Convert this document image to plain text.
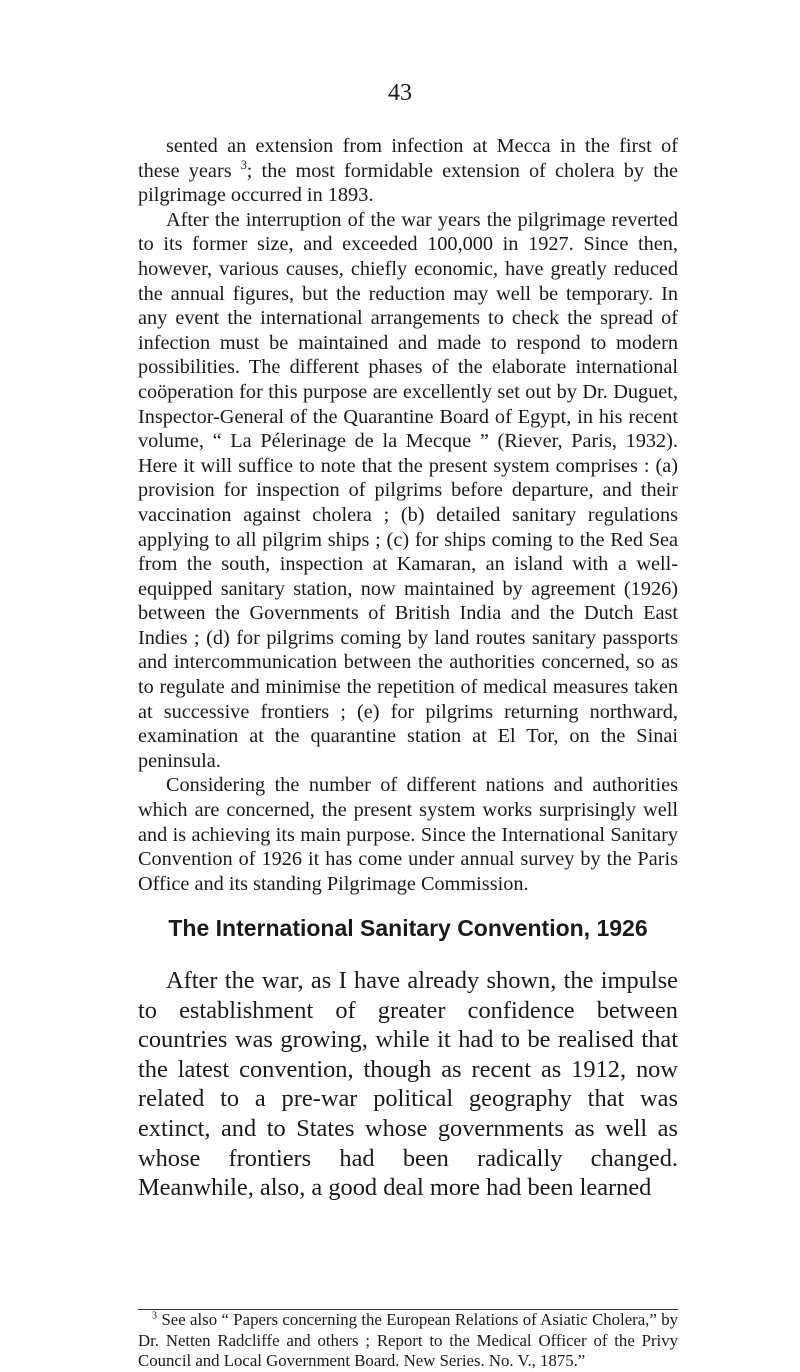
43

sented an extension from infection at Mecca in the first of these years $^3$; the most formidable extension of cholera by the pilgrimage occurred in 1893.

After the interruption of the war years the pilgrimage reverted to its former size, and exceeded 100,000 in 1927. Since then, however, various causes, chiefly economic, have greatly reduced the annual figures, but the reduction may well be temporary. In any event the international arrangements to check the spread of infection must be maintained and made to respond to modern possibilities. The different phases of the elaborate international coöperation for this purpose are excellently set out by Dr. Duguet, Inspector-General of the Quarantine Board of Egypt, in his recent volume, “ La Pélerinage de la Mecque ” (Riever, Paris, 1932). Here it will suffice to note that the present system comprises : (a) provision for inspection of pilgrims before departure, and their vaccination against cholera ; (b) detailed sanitary regulations applying to all pilgrim ships ; (c) for ships coming to the Red Sea from the south, inspection at Kamaran, an island with a well-equipped sanitary station, now maintained by agreement (1926) between the Governments of British India and the Dutch East Indies ; (d) for pilgrims coming by land routes sanitary passports and intercommunication between the authorities concerned, so as to regulate and minimise the repetition of medical measures taken at successive frontiers ; (e) for pilgrims returning northward, examination at the quarantine station at El Tor, on the Sinai peninsula.

Considering the number of different nations and authorities which are concerned, the present system works surprisingly well and is achieving its main purpose. Since the International Sanitary Convention of 1926 it has come under annual survey by the Paris Office and its standing Pilgrimage Commission.

The International Sanitary Convention, 1926

After the war, as I have already shown, the impulse to establishment of greater confidence between countries was growing, while it had to be realised that the latest convention, though as recent as 1912, now related to a pre-war political geography that was extinct, and to States whose governments as well as whose frontiers had been radically changed. Meanwhile, also, a good deal more had been learned

$^3$ See also “ Papers concerning the European Relations of Asiatic Cholera,” by Dr. Netten Radcliffe and others ; Report to the Medical Officer of the Privy Council and Local Government Board. New Series. No. V., 1875.”
